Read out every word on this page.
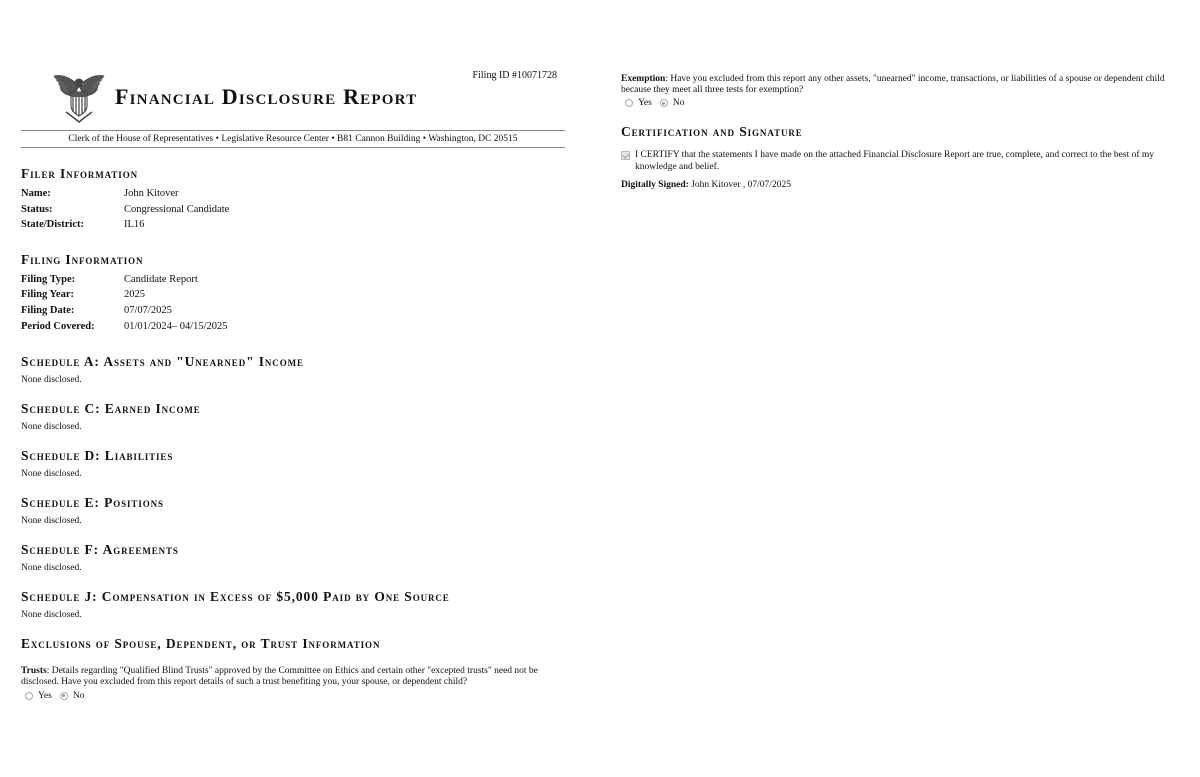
Filing ID #10071728
Financial Disclosure Report
Clerk of the House of Representatives • Legislative Resource Center • B81 Cannon Building • Washington, DC 20515
Filer Information
Name:	John Kitover
Status:	Congressional Candidate
State/District:	IL16
Filing Information
Filing Type:	Candidate Report
Filing Year:	2025
Filing Date:	07/07/2025
Period Covered:	01/01/2024– 04/15/2025
Schedule A: Assets and "Unearned" Income
None disclosed.
Schedule C: Earned Income
None disclosed.
Schedule D: Liabilities
None disclosed.
Schedule E: Positions
None disclosed.
Schedule F: Agreements
None disclosed.
Schedule J: Compensation in Excess of $5,000 Paid by One Source
None disclosed.
Exclusions of Spouse, Dependent, or Trust Information
Trusts: Details regarding "Qualified Blind Trusts" approved by the Committee on Ethics and certain other "excepted trusts" need not be disclosed. Have you excluded from this report details of such a trust benefiting you, your spouse, or dependent child?
Yes No
Exemption: Have you excluded from this report any other assets, "unearned" income, transactions, or liabilities of a spouse or dependent child because they meet all three tests for exemption?
Yes No
Certification and Signature
I CERTIFY that the statements I have made on the attached Financial Disclosure Report are true, complete, and correct to the best of my knowledge and belief.
Digitally Signed: John Kitover , 07/07/2025
